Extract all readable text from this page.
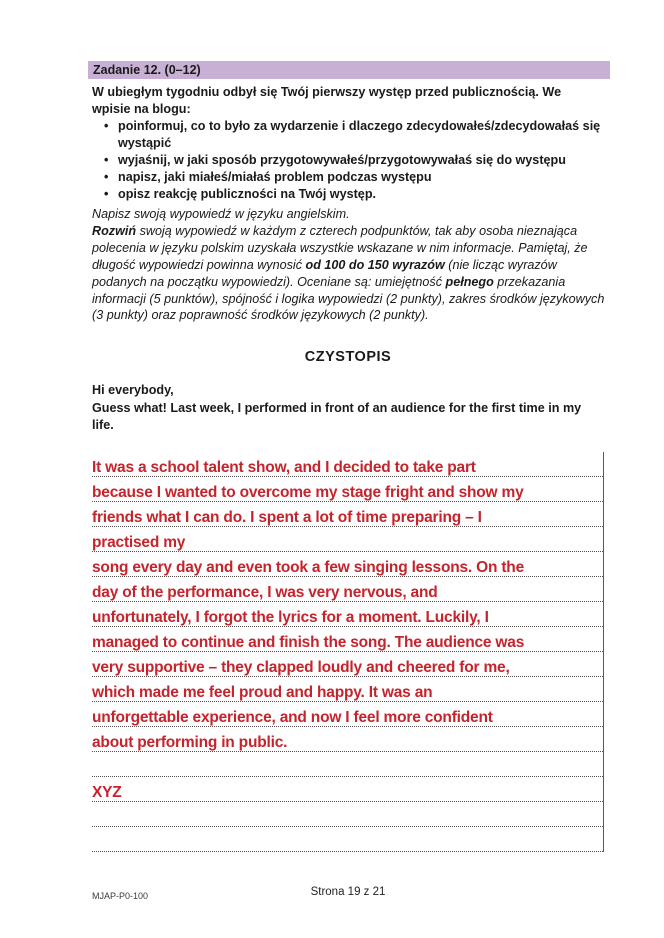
Zadanie 12. (0–12)
W ubiegłym tygodniu odbył się Twój pierwszy występ przed publicznością. We wpisie na blogu:
• poinformuj, co to było za wydarzenie i dlaczego zdecydowałeś/zdecydowałaś się wystąpić
• wyjaśnij, w jaki sposób przygotowywałeś/przygotowywałaś się do występu
• napisz, jaki miałeś/miałaś problem podczas występu
• opisz reakcję publiczności na Twój występ.
Napisz swoją wypowiedź w języku angielskim.
Rozwiń swoją wypowiedź w każdym z czterech podpunktów, tak aby osoba nieznająca polecenia w języku polskim uzyskała wszystkie wskazane w nim informacje. Pamiętaj, że długość wypowiedzi powinna wynosić od 100 do 150 wyrazów (nie licząc wyrazów podanych na początku wypowiedzi). Oceniane są: umiejętność pełnego przekazania informacji (5 punktów), spójność i logika wypowiedzi (2 punkty), zakres środków językowych (3 punkty) oraz poprawność środków językowych (2 punkty).
CZYSTOPIS
Hi everybody,
Guess what! Last week, I performed in front of an audience for the first time in my life.
It was a school talent show, and I decided to take part
because I wanted to overcome my stage fright and show my
friends what I can do. I spent a lot of time preparing – I
practised my
song every day and even took a few singing lessons. On the
day of the performance, I was very nervous, and
unfortunately, I forgot the lyrics for a moment. Luckily, I
managed to continue and finish the song. The audience was
very supportive – they clapped loudly and cheered for me,
which made me feel proud and happy. It was an
unforgettable experience, and now I feel more confident
about performing in public.
XYZ
MJAP-P0-100	Strona 19 z 21
